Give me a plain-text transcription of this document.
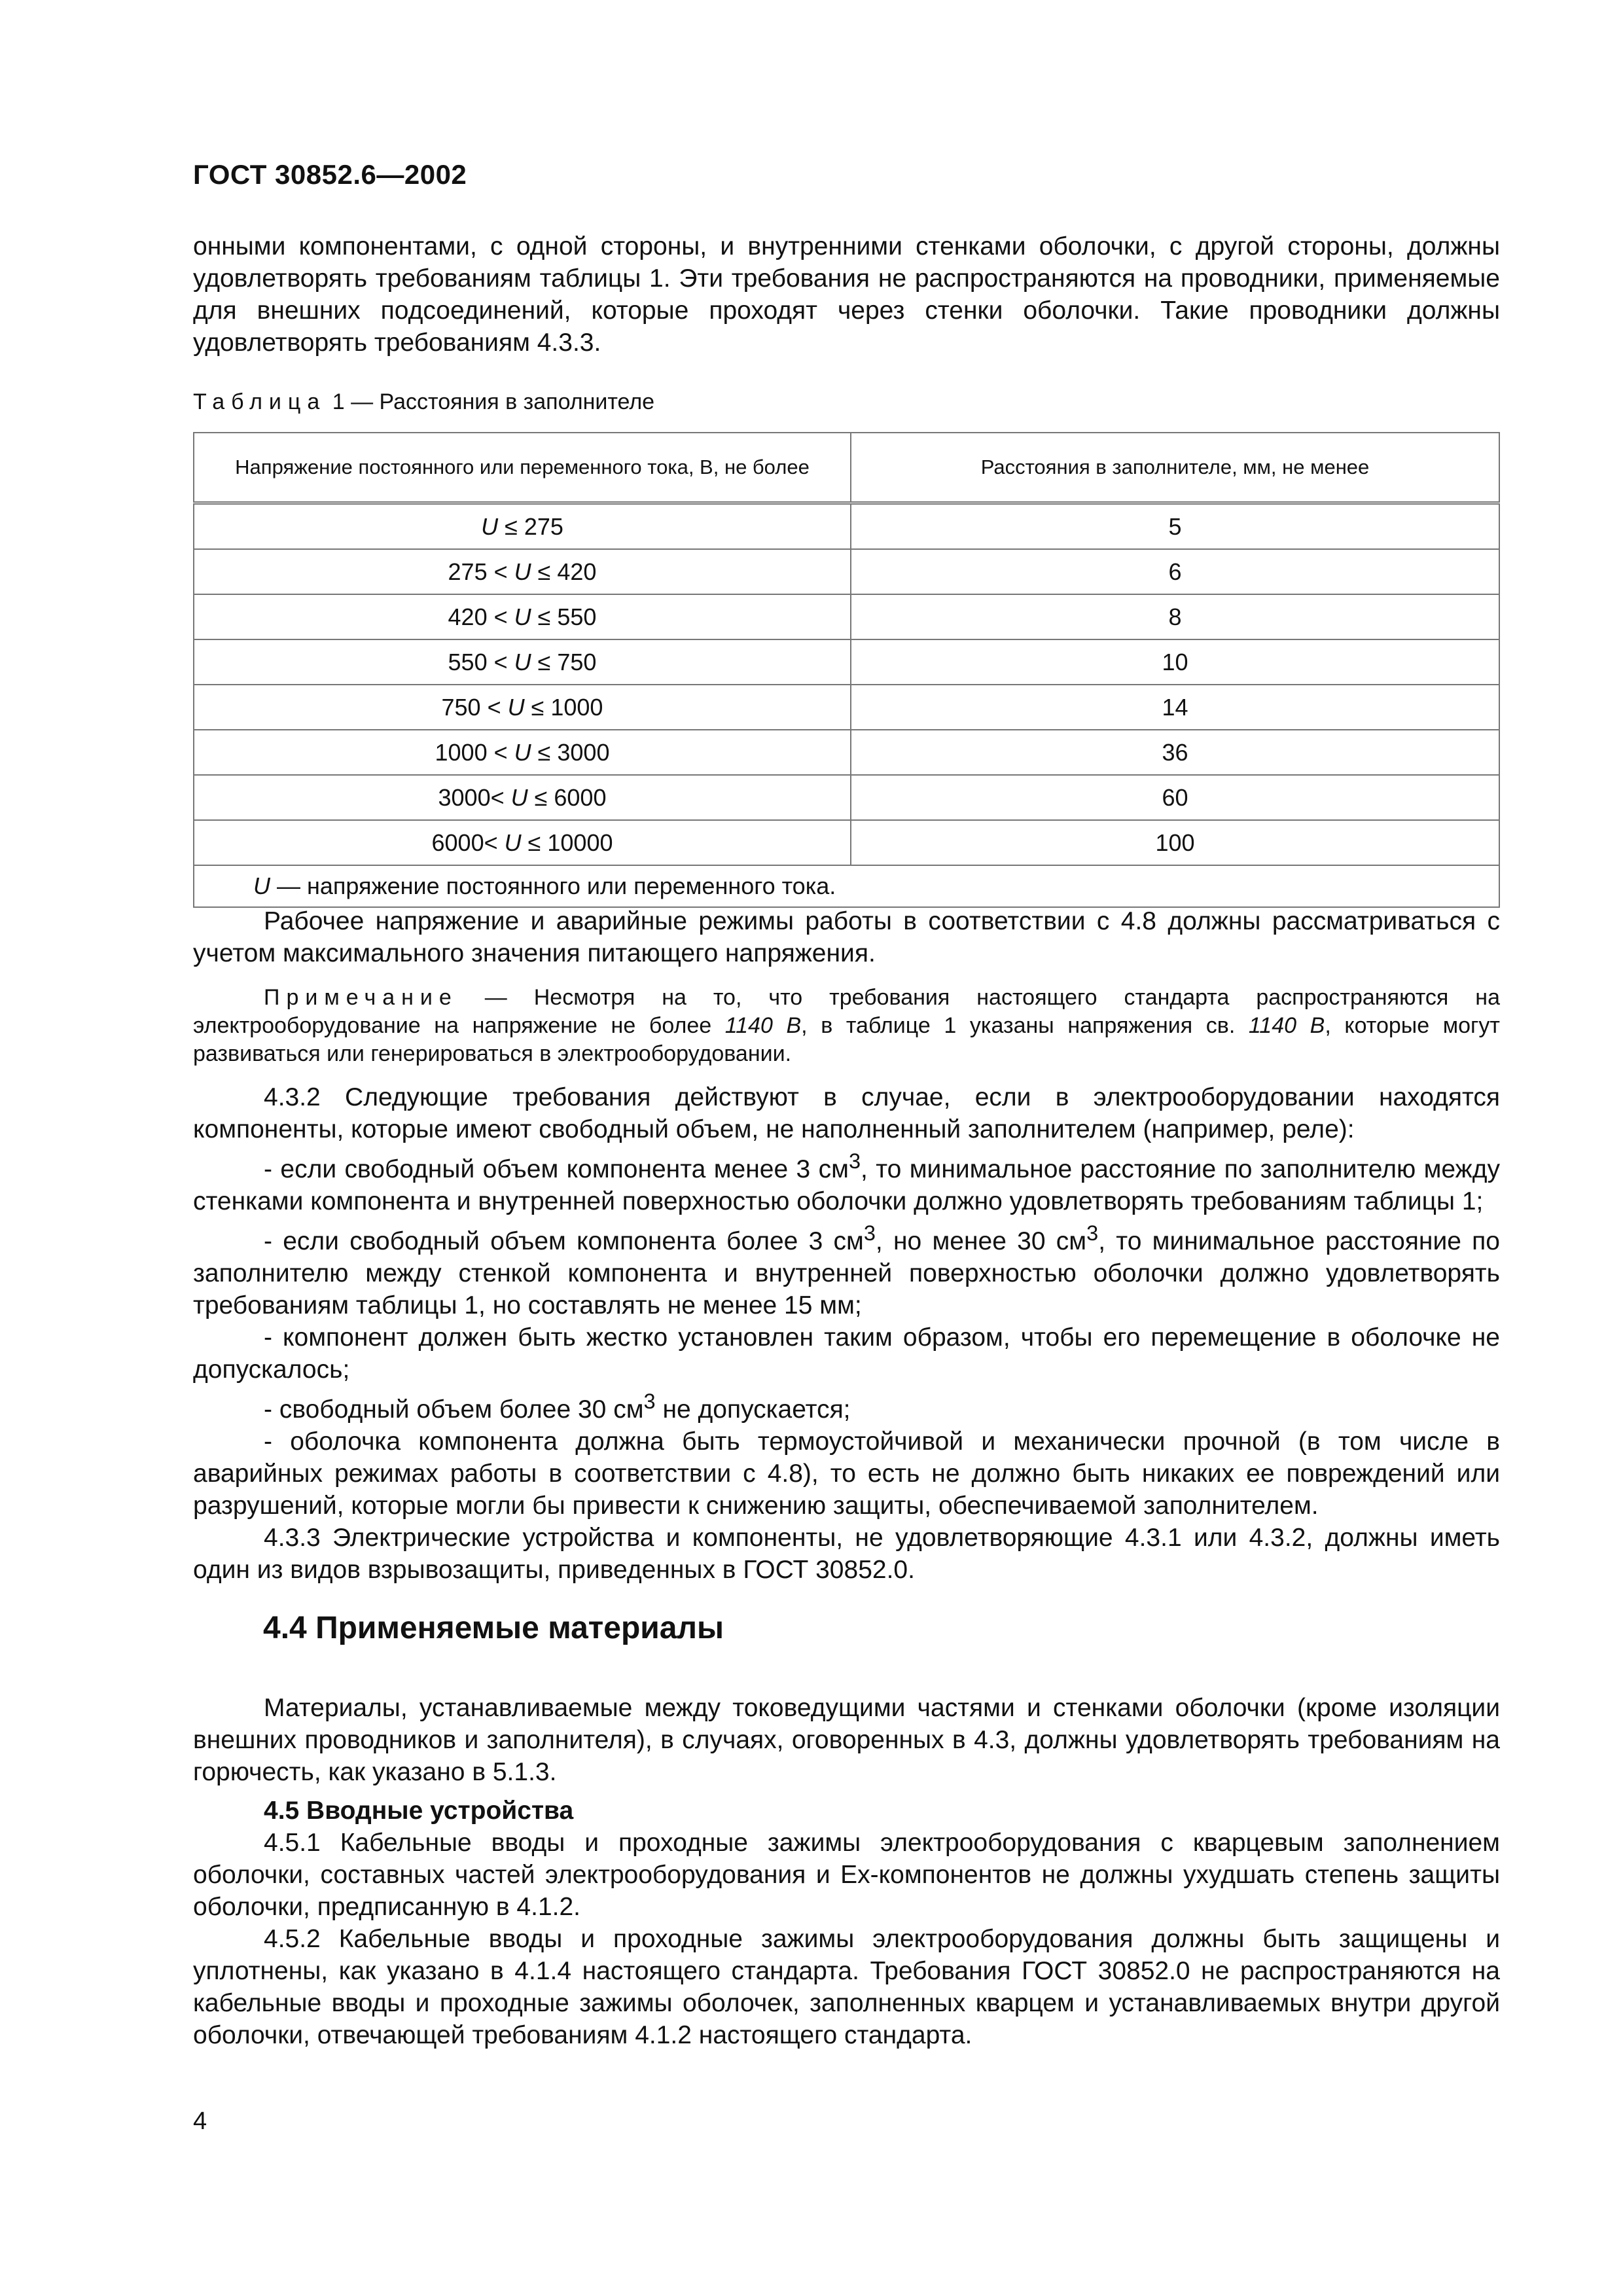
ГОСТ 30852.6—2002

онными компонентами, с одной стороны, и внутренними стенками оболочки, с другой стороны, должны удовлетворять требованиям таблицы 1. Эти требования не распространяются на проводники, применяемые для внешних подсоединений, которые проходят через стенки оболочки. Такие проводники должны удовлетворять требованиям 4.3.3.

Таблица 1 — Расстояния в заполнителе
Напряжение постоянного или переменного тока, В, не более	Расстояния в заполнителе, мм, не менее
U ≤ 275	5
275 < U ≤ 420	6
420 < U ≤ 550	8
550 < U ≤ 750	10
750 < U ≤ 1000	14
1000 < U ≤ 3000	36
3000< U ≤ 6000	60
6000< U ≤ 10000	100
U — напряжение постоянного или переменного тока.	

Рабочее напряжение и аварийные режимы работы в соответствии с 4.8 должны рассматриваться с учетом максимального значения питающего напряжения.

Примечание — Несмотря на то, что требования настоящего стандарта распространяются на электрооборудование на напряжение не более 1140 В, в таблице 1 указаны напряжения св. 1140 В, которые могут развиваться или генерироваться в электрооборудовании.

4.3.2 Следующие требования действуют в случае, если в электрооборудовании находятся компоненты, которые имеют свободный объем, не наполненный заполнителем (например, реле):

- если свободный объем компонента менее 3 $см^3$, то минимальное расстояние по заполнителю между стенками компонента и внутренней поверхностью оболочки должно удовлетворять требованиям таблицы 1;

- если свободный объем компонента более 3 $см^3$, но менее 30 $см^3$, то минимальное расстояние по заполнителю между стенкой компонента и внутренней поверхностью оболочки должно удовлетворять требованиям таблицы 1, но составлять не менее 15 мм;

- компонент должен быть жестко установлен таким образом, чтобы его перемещение в оболочке не допускалось;

- свободный объем более 30 $см^3$ не допускается;

- оболочка компонента должна быть термоустойчивой и механически прочной (в том числе в аварийных режимах работы в соответствии с 4.8), то есть не должно быть никаких ее повреждений или разрушений, которые могли бы привести к снижению защиты, обеспечиваемой заполнителем.

4.3.3 Электрические устройства и компоненты, не удовлетворяющие 4.3.1 или 4.3.2, должны иметь один из видов взрывозащиты, приведенных в ГОСТ 30852.0.

4.4 Применяемые материалы

Материалы, устанавливаемые между токоведущими частями и стенками оболочки (кроме изоляции внешних проводников и заполнителя), в случаях, оговоренных в 4.3, должны удовлетворять требованиям на горючесть, как указано в 5.1.3.

4.5 Вводные устройства

4.5.1 Кабельные вводы и проходные зажимы электрооборудования с кварцевым заполнением оболочки, составных частей электрооборудования и Ex-компонентов не должны ухудшать степень защиты оболочки, предписанную в 4.1.2.

4.5.2 Кабельные вводы и проходные зажимы электрооборудования должны быть защищены и уплотнены, как указано в 4.1.4 настоящего стандарта. Требования ГОСТ 30852.0 не распространяются на кабельные вводы и проходные зажимы оболочек, заполненных кварцем и устанавливаемых внутри другой оболочки, отвечающей требованиям 4.1.2 настоящего стандарта.

4
